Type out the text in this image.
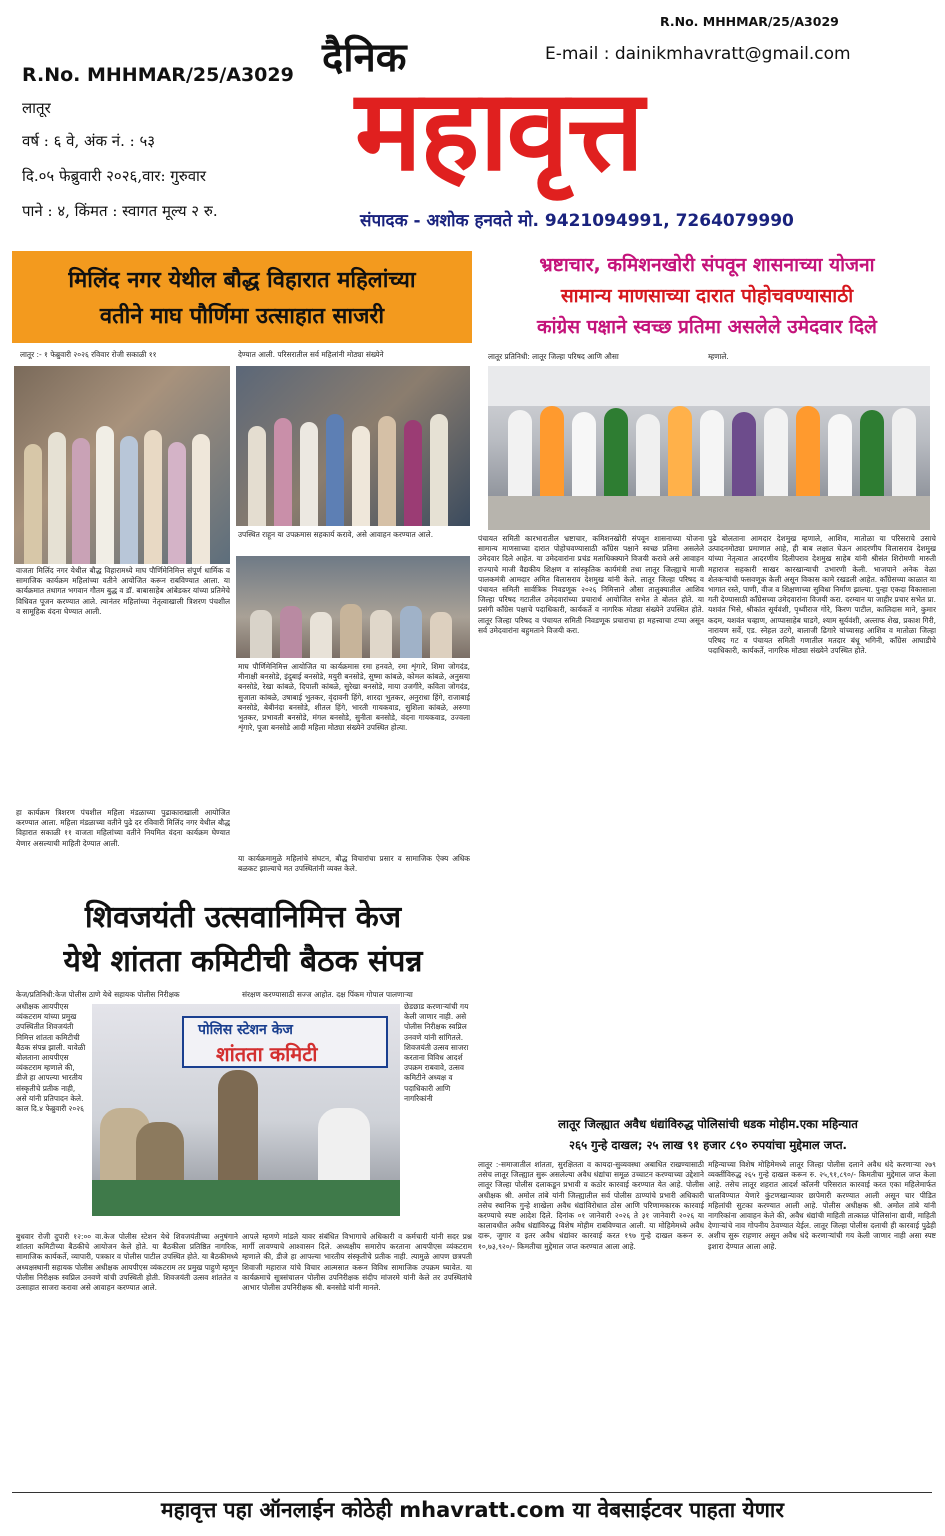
R.No. MHHMAR/25/A3029
R.No. MHHMAR/25/A3029
लातूर
वर्ष : ६ वे, अंक नं. : ५३
दि.०५ फेब्रुवारी २०२६,वार: गुरुवार
पाने : ४, किंमत : स्वागत मूल्य २ रु.
दैनिक
महावृत्त
E-mail : dainikmhavratt@gmail.com
संपादक - अशोक हनवते मो. 9421094991, 7264079990
मिलिंद नगर येथील बौद्ध विहारात महिलांच्या
वतीने माघ पौर्णिमा उत्साहात साजरी
लातूर :- १ फेब्रुवारी २०२६ रविवार रोजी सकाळी ११	देण्यात आली. परिसरातील सर्व महिलांनी मोठ्या संख्येने
उपस्थित राहून या उपक्रमास सहकार्य करावे, असे आवाहन करण्यात आले.
वाजता मिलिंद नगर येथील बौद्ध विहारामध्ये माघ पौर्णिमेनिमित्त संपूर्ण धार्मिक व सामाजिक कार्यक्रम महिलांच्या वतीने आयोजित करून राबविण्यात आला. या कार्यक्रमात तथागत भगवान गौतम बुद्ध व डॉ. बाबासाहेब आंबेडकर यांच्या प्रतिमेचे विधिवत पूजन करण्यात आले. त्यानंतर महिलांच्या नेतृत्वाखाली त्रिशरण पंचशील व सामूहिक वंदना घेण्यात आली.
माघ पौर्णिमेनिमित्त आयोजित या कार्यक्रमास रमा हनवते, रमा शृंगारे, शिमा जोगदंड, मीनाक्षी बनसोडे, इंदुबाई बनसोडे, मयुरी बनसोडे, सुष्मा कांबळे, कोमल कांबळे, अनुसया बनसोडे, रेखा कांबळे, दिपाली कांबळे, सुरेखा बनसोडे, माया उजगीरे, कविता जोगदंड, सुजाता कांबळे, उषाबाई भुतकर, वृंदावनी हिंगे, शारदा भुतकर, अनुराधा हिंगे, राजाबाई बनसोडे, बेबीनंदा बनसोडे, शीतल हिंगे, भारती गायकवाड, सुशिला कांबळे, अरुणा भुतकर, प्रभावती बनसोडे, मंगल बनसोडे, सुनीता बनसोडे, वंदना गायकवाड, उज्वला शृंगारे, पूजा बनसोडे आदी महिला मोठ्या संख्येने उपस्थित होत्या.
हा कार्यक्रम त्रिशरण पंचशील महिला मंडळाच्या पुढाकाराखाली आयोजित करण्यात आला. महिला मंडळाच्या वतीने पुढे दर रविवारी मिलिंद नगर येथील बौद्ध विहारात सकाळी ११ वाजता महिलांच्या वतीने नियमित वंदना कार्यक्रम घेण्यात येणार असल्याची माहिती देण्यात आली.
या कार्यक्रमामुळे महिलांचे संघटन, बौद्ध विचारांचा प्रसार व सामाजिक ऐक्य अधिक बळकट झाल्याचे मत उपस्थितांनी व्यक्त केले.
शिवजयंती उत्सवानिमित्त केज
येथे शांतता कमिटीची बैठक संपन्न
केज/प्रतिनिधी:केज पोलीस ठाणे येथे सहायक पोलीस निरीक्षक	संरक्षण करण्यासाठी सज्ज आहोत. दक्ष पिंकम गोपाल पालणाऱ्या
अधीक्षक आयपीएस व्यंकटराम यांच्या प्रमुख उपस्थितीत शिवजयंती निमित्त शांतता कमिटीची बैठक संपन्न झाली. यावेळी बोलताना आयपीएस व्यंकटराम म्हणाले की, डीजे हा आपल्या भारतीय संस्कृतीचे प्रतीक नाही, असे यांनी प्रतिपादन केले. काल दि.४ फेब्रुवारी २०२६
पोलिस स्टेशन केज
शांतता कमिटी
छेडछाड करणाऱ्यांची गय केली जाणार नाही. असे पोलीस निरीक्षक स्वप्निल उनवणे यांनी सांगितले. शिवजयंती उत्सव साजरा करताना विविध आदर्श उपक्रम राबवावे, उत्सव कमिटीने अध्यक्ष व पदाधिकारी आणि नागरिकांनी
बुधवार रोजी दुपारी १२:०० वा.केज पोलीस स्टेशन येथे शिवजयंतीच्या अनुषंगाने शांतता कमिटीच्या बैठकीचे आयोजन केले होते. या बैठकीला प्रतिष्ठित नागरिक, सामाजिक कार्यकर्ते, व्यापारी, पत्रकार व पोलीस पाटील उपस्थित होते. या बैठकीमध्ये अध्यक्षस्थानी सहायक पोलीस अधीक्षक आयपीएस व्यंकटराम तर प्रमुख पाहुणे म्हणून पोलीस निरीक्षक स्वप्निल उनवणे यांची उपस्थिती होती. शिवजयंती उत्सव शांततेत व उत्साहात साजरा करावा असे आवाहन करण्यात आले.
आपले म्हणणे मांडले यावर संबंधित विभागाचे अधिकारी व कर्मचारी यांनी सदर प्रश्न मार्गी लावण्याचे आश्वासन दिले. अध्यक्षीय समारोप करताना आयपीएस व्यंकटराम म्हणाले की, डीजे हा आपल्या भारतीय संस्कृतीचे प्रतीक नाही. त्यामुळे आपण छत्रपती शिवाजी महाराज यांचे विचार आत्मसात करून विविध सामाजिक उपक्रम घ्यावेत. या कार्यक्रमाचे सूत्रसंचालन पोलीस उपनिरीक्षक संदीप मांजरमे यांनी केले तर उपस्थितांचे आभार पोलीस उपनिरीक्षक श्री. बनसोडे यांनी मानले.
भ्रष्टाचार, कमिशनखोरी संपवून शासनाच्या योजना
सामान्य माणसाच्या दारात पोहोचवण्यासाठी
कांग्रेस पक्षाने स्वच्छ प्रतिमा असलेले उमेदवार दिले
लातूर प्रतिनिधी: लातूर जिल्हा परिषद आणि औसा	म्हणाले.
पंचायत समिती कारभारातील भ्रष्टाचार, कमिशनखोरी संपवून शासनाच्या योजना सामान्य माणसाच्या दारात पोहोचवण्यासाठी काँग्रेस पक्षाने स्वच्छ प्रतिमा असलेले उमेदवार दिले आहेत. या उमेदवारांना प्रचंड मताधिक्क्याने विजयी करावे असे आवाहन राज्याचे माजी वैद्यकीय शिक्षण व सांस्कृतिक कार्यमंत्री तथा लातूर जिल्ह्याचे माजी पालकमंत्री आमदार अमित विलासराव देशमुख यांनी केले. लातूर जिल्हा परिषद व पंचायत समिती सार्वत्रिक निवडणूक २०२६ निमित्ताने औसा तालुक्यातील आशिव जिल्हा परिषद गटातील उमेदवारांच्या प्रचारार्थ आयोजित सभेत ते बोलत होते. या प्रसंगी काँग्रेस पक्षाचे पदाधिकारी, कार्यकर्ते व नागरिक मोठ्या संख्येने उपस्थित होते. लातूर जिल्हा परिषद व पंचायत समिती निवडणूक प्रचाराचा हा महत्त्वाचा टप्पा असून सर्व उमेदवारांना बहुमताने विजयी करा.
पुढे बोलताना आमदार देशमुख म्हणाले, आशिव, मातोळा या परिसराचे उसाचे उत्पादनमोठ्या प्रमाणात आहे, ही बाब लक्षात घेऊन आदरणीय विलासराव देशमुख यांच्या नेतृत्वात आदरणीय दिलीपराव देशमुख साहेब यांनी श्रीसंत शिरोमणी मारुती महाराज सहकारी साखर कारखान्याची उभारणी केली. भाजपाने अनेक वेळा शेतकऱ्यांची फसवणूक केली असून विकास कामे रखडली आहेत. काँग्रेसच्या काळात या भागात रस्ते, पाणी, वीज व शिक्षणाच्या सुविधा निर्माण झाल्या. पुन्हा एकदा विकासाला गती देण्यासाठी काँग्रेसच्या उमेदवारांना विजयी करा. दरम्यान या जाहीर प्रचार सभेत प्रा. यशवंत भिसे, श्रीकांत सूर्यवंशी, पृथ्वीराज गोरे, किरण पाटील, कालिदास माने, कुमार कदम, यशवंत चव्हाण, आप्पासाहेब घाडगे, श्याम सूर्यवंशी, अल्ताफ शेख, प्रकाश गिरी, नारायण सर्वे, एड. स्नेहल उटगे, बालाजी ढिगारे यांच्यासह आशिव व मातोळा जिल्हा परिषद गट व पंचायत समिती गणातील मतदार बंधू भगिनी, काँग्रेस आघाडीचे पदाधिकारी, कार्यकर्ते, नागरिक मोठ्या संख्येने उपस्थित होते.
लातूर जिल्ह्यात अवैध धंद्यांविरुद्ध पोलिसांची धडक मोहीम.एका महिन्यात
२६५ गुन्हे दाखल; २५ लाख ९१ हजार ८९० रुपयांचा मुद्देमाल जप्त.
लातूर :-समाजातील शांतता, सुरक्षितता व कायदा-सुव्यवस्था अबाधित राखण्यासाठी तसेच लातूर जिल्ह्यात सुरू असलेल्या अवैध धंद्यांचा समूळ उच्चाटन करण्याच्या उद्देशाने लातूर जिल्हा पोलीस दलाकडून प्रभावी व कठोर कारवाई करण्यात येत आहे. पोलीस अधीक्षक श्री. अमोल तांबे यांनी जिल्ह्यातील सर्व पोलीस ठाण्यांचे प्रभारी अधिकारी तसेच स्थानिक गुन्हे शाखेला अवैध धंद्यांविरोधात ठोस आणि परिणामकारक कारवाई करण्याचे स्पष्ट आदेश दिले. दिनांक ०१ जानेवारी २०२६ ते ३१ जानेवारी २०२६ या कालावधीत अवैध धंद्यांविरुद्ध विशेष मोहीम राबविण्यात आली. या मोहिमेमध्ये अवैध दारू, जुगार व इतर अवैध धंद्यांवर कारवाई करत १९७ गुन्हे दाखल करून रु. १०,७३,९२०/- किमतीचा मुद्देमाल जप्त करण्यात आला आहे.
महिन्याच्या विशेष मोहिमेमध्ये लातूर जिल्हा पोलीस दलाने अवैध धंदे करणाऱ्या २७९ व्यक्तींविरुद्ध २६५ गुन्हे दाखल करून रु. २५,९१,८९०/- किमतीचा मुद्देमाल जप्त केला आहे. तसेच लातूर शहरात आदर्श कॉलनी परिसरात कारवाई करत एका महिलेमार्फत चालविण्यात येणारे कुंटणखान्यावर छापेमारी करण्यात आली असून चार पीडित महिलांची सुटका करण्यात आली आहे. पोलीस अधीक्षक श्री. अमोल तांबे यांनी नागरिकांना आवाहन केले की, अवैध धंद्यांची माहिती तात्काळ पोलिसांना द्यावी, माहिती देणाऱ्यांचे नाव गोपनीय ठेवण्यात येईल. लातूर जिल्हा पोलीस दलाची ही कारवाई पुढेही अशीच सुरू राहणार असून अवैध धंदे करणाऱ्यांची गय केली जाणार नाही असा स्पष्ट इशारा देण्यात आला आहे.
महावृत्त पहा ऑनलाईन कोठेही mhavratt.com या वेबसाईटवर पाहता येणार
